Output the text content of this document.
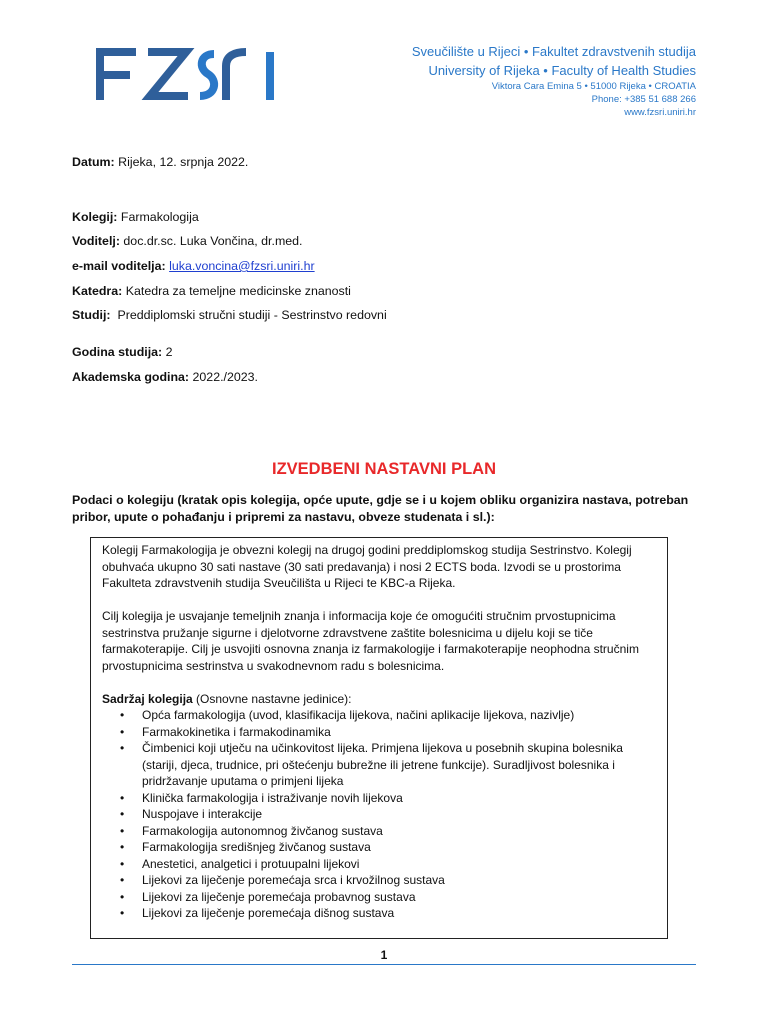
Sveučilište u Rijeci • Fakultet zdravstvenih studija
University of Rijeka • Faculty of Health Studies
Viktora Cara Emina 5 • 51000 Rijeka • CROATIA
Phone: +385 51 688 266
www.fzsri.uniri.hr
Datum: Rijeka, 12. srpnja 2022.
Kolegij: Farmakologija
Voditelj: doc.dr.sc. Luka Vončina, dr.med.
e-mail voditelja: luka.voncina@fzsri.uniri.hr
Katedra: Katedra za temeljne medicinske znanosti
Studij: Preddiplomski stručni studiji - Sestrinstvo redovni
Godina studija: 2
Akademska godina: 2022./2023.
IZVEDBENI NASTAVNI PLAN
Podaci o kolegiju (kratak opis kolegija, opće upute, gdje se i u kojem obliku organizira nastava, potreban pribor, upute o pohađanju i pripremi za nastavu, obveze studenata i sl.):

Kolegij Farmakologija je obvezni kolegij na drugoj godini preddiplomskog studija Sestrinstvo. Kolegij obuhvaća ukupno 30 sati nastave (30 sati predavanja) i nosi 2 ECTS boda. Izvodi se u prostorima Fakulteta zdravstvenih studija Sveučilišta u Rijeci te KBC-a Rijeka.

Cilj kolegija je usvajanje temeljnih znanja i informacija koje će omogućiti stručnim prvostupnicima sestrinstva pružanje sigurne i djelotvorne zdravstvene zaštite bolesnicima u dijelu koji se tiče farmakoterapije. Cilj je usvojiti osnovna znanja iz farmakologije i farmakoterapije neophodna stručnim prvostupnicima sestrinstva u svakodnevnom radu s bolesnicima.

Sadržaj kolegija (Osnovne nastavne jedinice):

• Opća farmakologija (uvod, klasifikacija lijekova, načini aplikacije lijekova, nazivlje)
• Farmakokinetika i farmakodinamika
• Čimbenici koji utječu na učinkovitost lijeka. Primjena lijekova u posebnih skupina bolesnika (stariji, djeca, trudnice, pri oštećenju bubrežne ili jetrene funkcije). Suradljivost bolesnika i pridržavanje uputama o primjeni lijeka
• Klinička farmakologija i istraživanje novih lijekova
• Nuspojave i interakcije
• Farmakologija autonomnog živčanog sustava
• Farmakologija središnjeg živčanog sustava
• Anestetici, analgetici i protuupalni lijekovi
• Lijekovi za liječenje poremećaja srca i krvožilnog sustava
• Lijekovi za liječenje poremećaja probavnog sustava
• Lijekovi za liječenje poremećaja dišnog sustava
1
